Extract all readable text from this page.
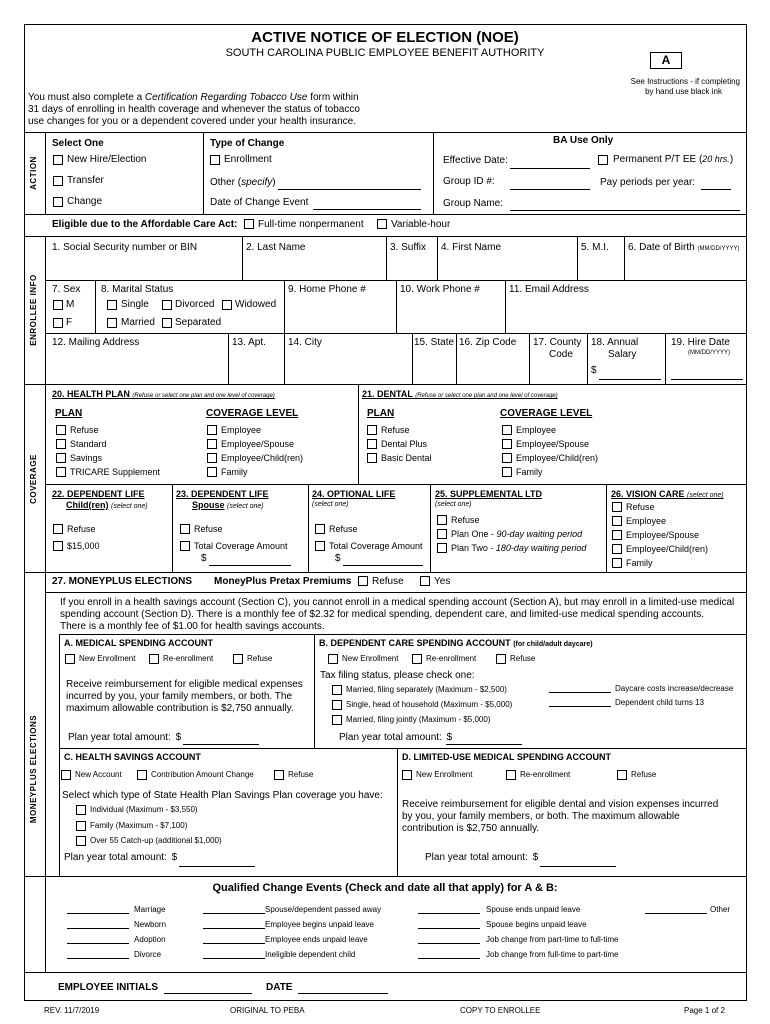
ACTIVE NOTICE OF ELECTION (NOE)
SOUTH CAROLINA PUBLIC EMPLOYEE BENEFIT AUTHORITY	A
See Instructions - if completing
by hand use black ink
You must also complete a Certification Regarding Tobacco Use form within
31 days of enrolling in health coverage and whenever the status of tobacco
use changes for you or a dependent covered under your health insurance.
ACTION
Select One
New Hire/Election
Transfer
Change
Type of Change
Enrollment
Other (specify)
Date of Change Event
BA Use Only
Effective Date:	Permanent P/T EE (20 hrs.)
Group ID #:	Pay periods per year:
Group Name:
Eligible due to the Affordable Care Act: Full-time nonpermanent	Variable-hour
ENROLLEE INFO
1. Social Security number or BIN	2. Last Name	3. Suffix 4. First Name	5. M.I. 6. Date of Birth (MM/DD/YYYY)
7. Sex
M
F
8. Marital Status
Single	Divorced Widowed
Married Separated
9. Home Phone #	10. Work Phone #	11. Email Address
12. Mailing Address	13. Apt. 14. City	15. State 16. Zip Code 17. County
Code
18. Annual
Salary
$
19. Hire Date
(MM/DD/YYYY)
COVERAGE
20. HEALTH PLAN (Refuse or select one plan and one level of coverage)	21. DENTAL (Refuse or select one plan and one level of coverage)
PLAN	COVERAGE LEVEL	PLAN	COVERAGE LEVEL
Refuse
Standard
Savings
TRICARE Supplement
Employee
Employee/Spouse
Employee/Child(ren)
Family
Refuse
Dental Plus
Basic Dental
Employee
Employee/Spouse
Employee/Child(ren)
Family
22. DEPENDENT LIFE
Child(ren) (select one)
Refuse
$15,000
23. DEPENDENT LIFE
Spouse (select one)
Refuse
Total Coverage Amount
$
24. OPTIONAL LIFE
(select one)
Refuse
Total Coverage Amount
$
25. SUPPLEMENTAL LTD
(select one)
Refuse
Plan One - 90-day waiting period
Plan Two - 180-day waiting period
26. VISION CARE (select one)
Refuse
Employee
Employee/Spouse
Employee/Child(ren)
Family
MONEYPLUS ELECTIONS
27. MONEYPLUS ELECTIONS MoneyPlus Pretax Premiums Refuse	Yes
If you enroll in a health savings account (Section C), you cannot enroll in a medical spending account (Section A), but may enroll in a limited-use medical
spending account (Section D). There is a monthly fee of $2.32 for medical spending, dependent care, and limited-use medical spending accounts.
There is a monthly fee of $1.00 for health savings accounts.
A. MEDICAL SPENDING ACCOUNT
New Enrollment	Re-enrollment	Refuse
Receive reimbursement for eligible medical expenses
incurred by you, your family members, or both. The
maximum allowable contribution is $2,750 annually.
Plan year total amount: $
B. DEPENDENT CARE SPENDING ACCOUNT (for child/adult daycare)
New Enrollment	Re-enrollment	Refuse
Tax filing status, please check one:
Married, filing separately (Maximum - $2,500)
Single, head of household (Maximum - $5,000)
Married, filing jointly (Maximum - $5,000)
Daycare costs increase/decrease
Dependent child turns 13
Plan year total amount: $
C. HEALTH SAVINGS ACCOUNT
New Account	Contribution Amount Change	Refuse
Select which type of State Health Plan Savings Plan coverage you have:
Individual (Maximum - $3,550)
Family (Maximum - $7,100)
Over 55 Catch-up (additional $1,000)
Plan year total amount: $
D. LIMITED-USE MEDICAL SPENDING ACCOUNT
New Enrollment	Re-enrollment	Refuse
Receive reimbursement for eligible dental and vision expenses incurred
by you, your family members, or both. The maximum allowable
contribution is $2,750 annually.
Plan year total amount: $
Qualified Change Events (Check and date all that apply) for A & B:
Marriage
Newborn
Adoption
Divorce
Spouse/dependent passed away
Employee begins unpaid leave
Employee ends unpaid leave
Ineligible dependent child
Spouse ends unpaid leave
Spouse begins unpaid leave
Job change from part-time to full-time
Job change from full-time to part-time
Other
EMPLOYEE INITIALS	DATE
REV. 11/7/2019	ORIGINAL TO PEBA	COPY TO ENROLLEE	Page 1 of 2
